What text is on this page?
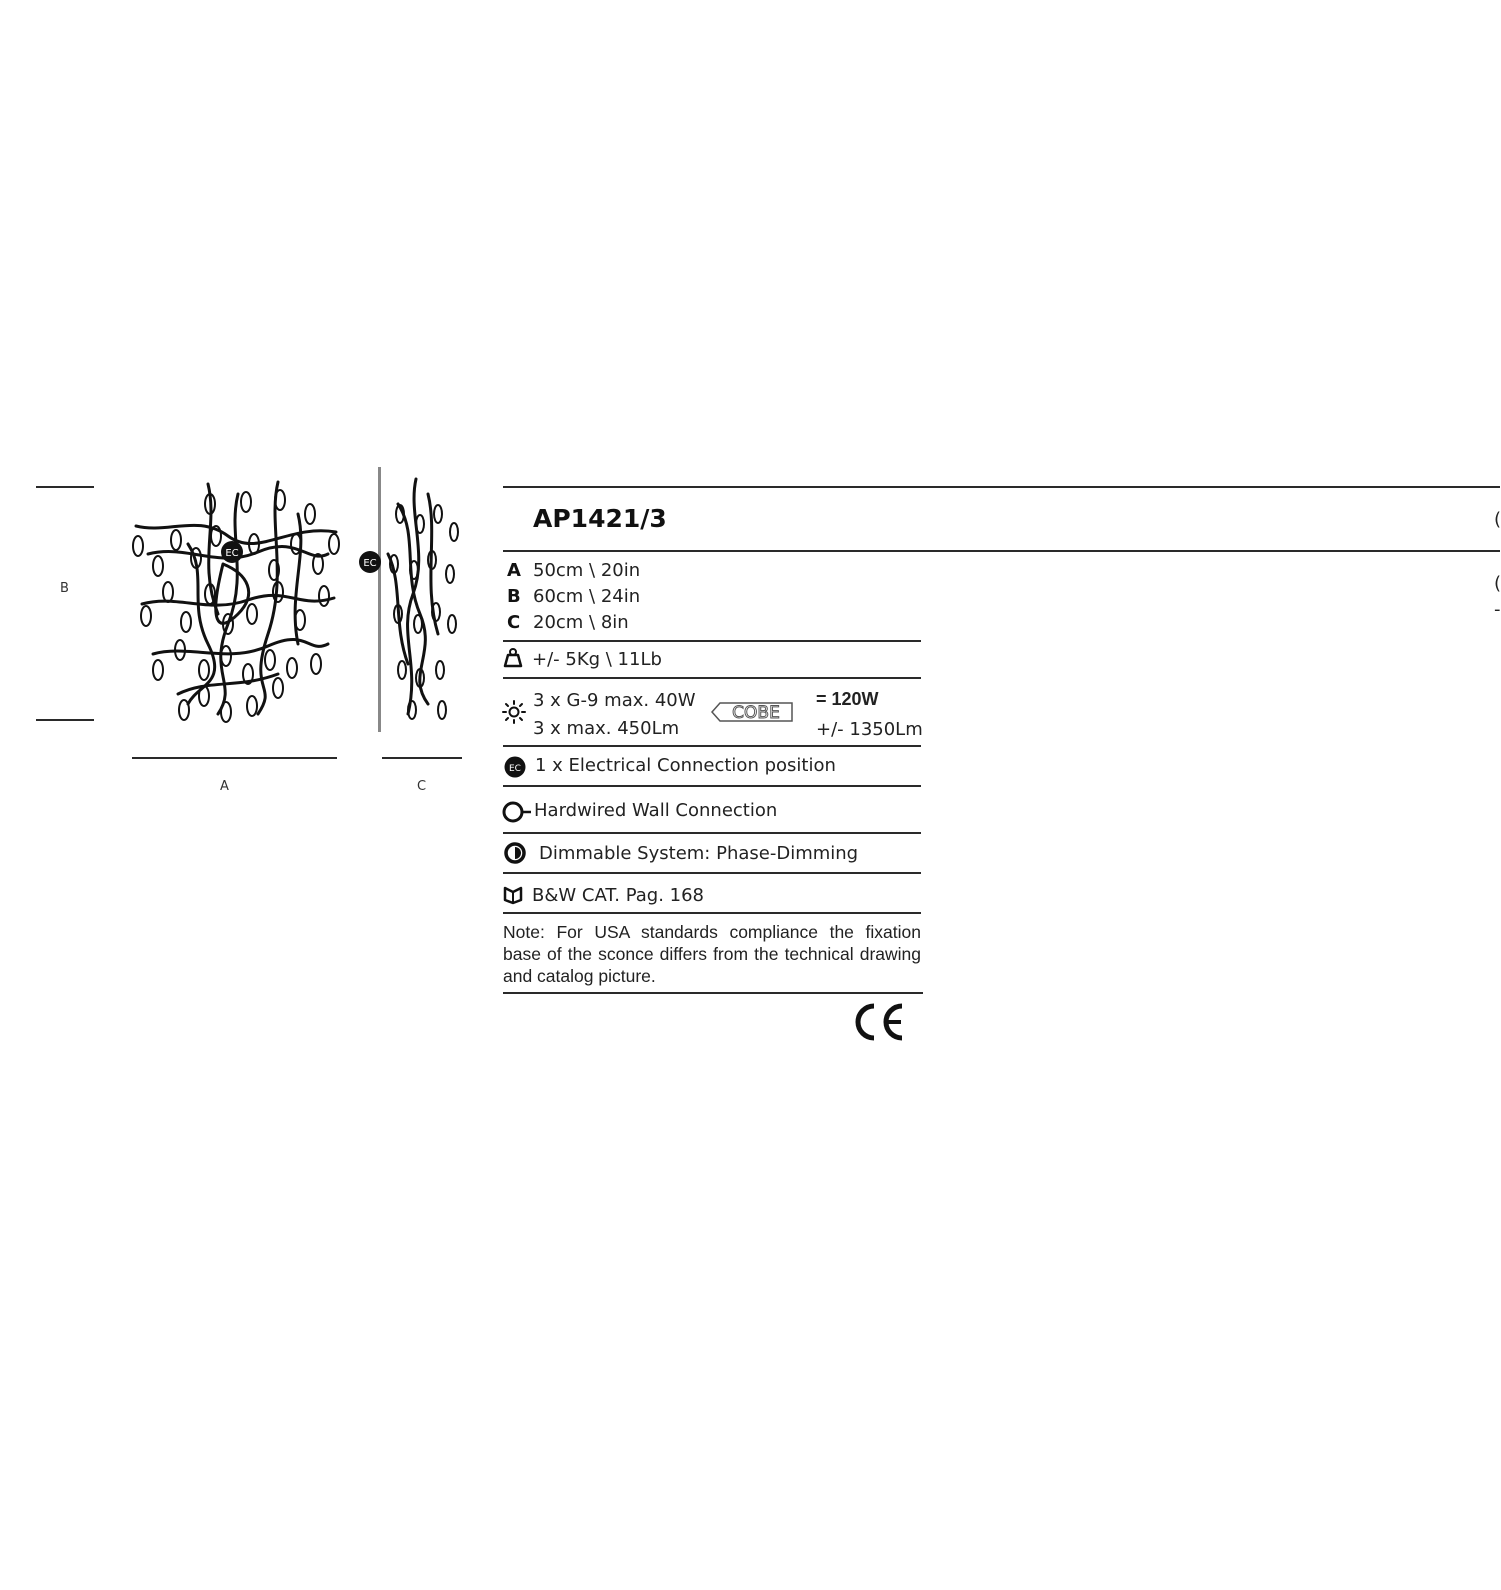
B
EC
A
EC
C
AP1421/3	(
(
-
A 50cm \ 20in
B 60cm \ 24in
C 20cm \ 8in
+/- 5Kg \ 11Lb
3 x G-9 max. 40W
3 x max. 450Lm
COBE
= 120W
+/- 1350Lm
EC 1 x Electrical Connection position
Hardwired Wall Connection
Dimmable System: Phase-Dimming
B&W CAT. Pag. 168
Note: For USA standards compliance the fixation base of the sconce differs from the technical drawing and catalog picture.
CE
